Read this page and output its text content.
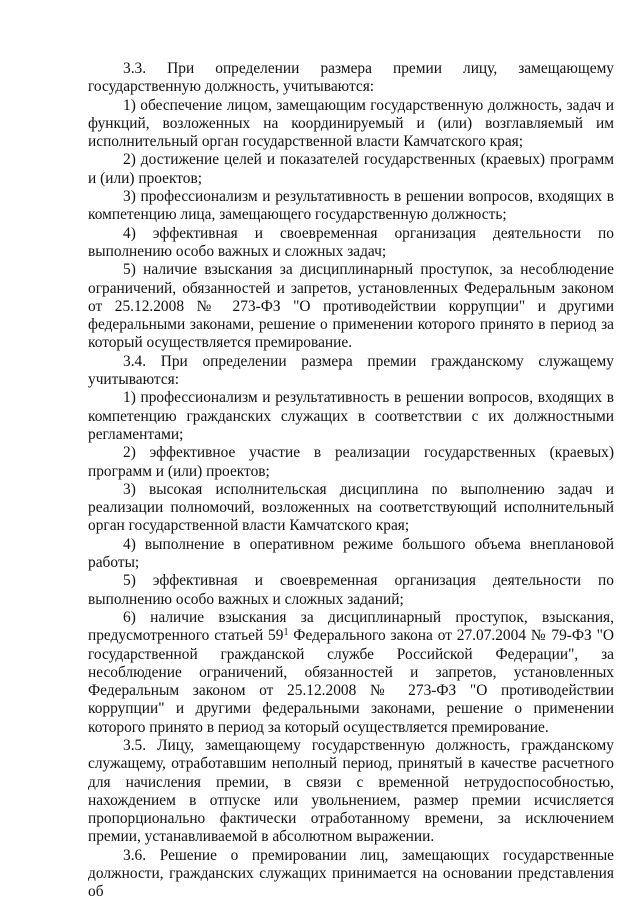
3.3. При определении размера премии лицу, замещающему государственную должность, учитываются:

1) обеспечение лицом, замещающим государственную должность, задач и функций, возложенных на координируемый и (или) возглавляемый им исполнительный орган государственной власти Камчатского края;

2) достижение целей и показателей государственных (краевых) программ и (или) проектов;

3) профессионализм и результативность в решении вопросов, входящих в компетенцию лица, замещающего государственную должность;

4) эффективная и своевременная организация деятельности по выполнению особо важных и сложных задач;

5) наличие взыскания за дисциплинарный проступок, за несоблюдение ограничений, обязанностей и запретов, установленных Федеральным законом от 25.12.2008 № 273-ФЗ "О противодействии коррупции" и другими федеральными законами, решение о применении которого принято в период за который осуществляется премирование.

3.4. При определении размера премии гражданскому служащему учитываются:

1) профессионализм и результативность в решении вопросов, входящих в компетенцию гражданских служащих в соответствии с их должностными регламентами;

2) эффективное участие в реализации государственных (краевых) программ и (или) проектов;

3) высокая исполнительская дисциплина по выполнению задач и реализации полномочий, возложенных на соответствующий исполнительный орган государственной власти Камчатского края;

4) выполнение в оперативном режиме большого объема внеплановой работы;

5) эффективная и своевременная организация деятельности по выполнению особо важных и сложных заданий;

6) наличие взыскания за дисциплинарный проступок, взыскания, предусмотренного статьей $59^1$ Федерального закона от 27.07.2004 № 79-ФЗ "О государственной гражданской службе Российской Федерации", за несоблюдение ограничений, обязанностей и запретов, установленных Федеральным законом от 25.12.2008 № 273-ФЗ "О противодействии коррупции" и другими федеральными законами, решение о применении которого принято в период за который осуществляется премирование.

3.5. Лицу, замещающему государственную должность, гражданскому служащему, отработавшим неполный период, принятый в качестве расчетного для начисления премии, в связи с временной нетрудоспособностью, нахождением в отпуске или увольнением, размер премии исчисляется пропорционально фактически отработанному времени, за исключением премии, устанавливаемой в абсолютном выражении.

3.6. Решение о премировании лиц, замещающих государственные должности, гражданских служащих принимается на основании представления об
